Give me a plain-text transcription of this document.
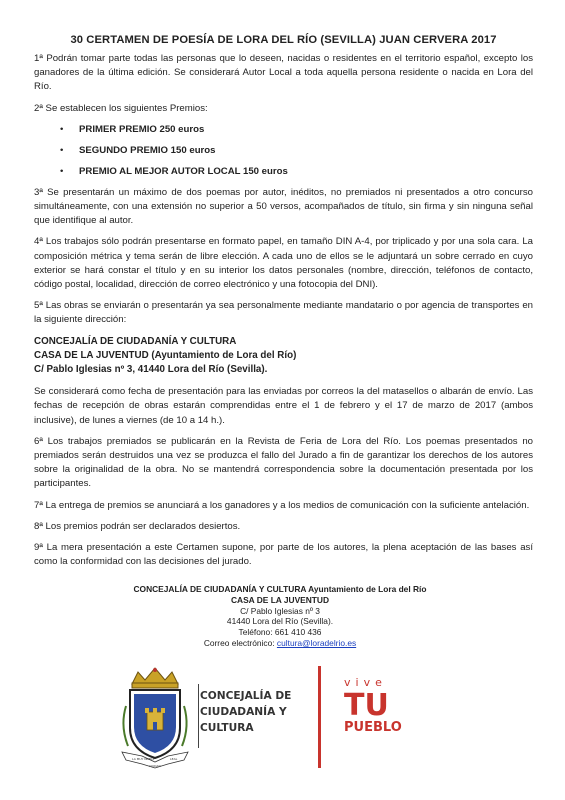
30 CERTAMEN DE POESÍA DE LORA DEL RÍO (SEVILLA) JUAN CERVERA 2017

1ª Podrán tomar parte todas las personas que lo deseen, nacidas o residentes en el territorio español, excepto los ganadores de la última edición. Se considerará Autor Local a toda aquella persona residente o nacida en Lora del Río.

2ª Se establecen los siguientes Premios:

• PRIMER PREMIO 250 euros
• SEGUNDO PREMIO 150 euros
• PREMIO AL MEJOR AUTOR LOCAL 150 euros

3ª Se presentarán un máximo de dos poemas por autor, inéditos, no premiados ni presentados a otro concurso simultáneamente, con una extensión no superior a 50 versos, acompañados de título, sin firma y sin ninguna señal que identifique al autor.

4ª Los trabajos sólo podrán presentarse en formato papel, en tamaño DIN A-4, por triplicado y por una sola cara. La composición métrica y tema serán de libre elección. A cada uno de ellos se le adjuntará un sobre cerrado en cuyo exterior se hará constar el título y en su interior los datos personales (nombre, dirección, teléfonos de contacto, código postal, localidad, dirección de correo electrónico y una fotocopia del DNI).

5ª Las obras se enviarán o presentarán ya sea personalmente mediante mandatario o por agencia de transportes en la siguiente dirección:

CONCEJALÍA DE CIUDADANÍA Y CULTURA
CASA DE LA JUVENTUD (Ayuntamiento de Lora del Río)
C/ Pablo Iglesias nº 3, 41440 Lora del Río (Sevilla).

Se considerará como fecha de presentación para las enviadas por correos la del matasellos o albarán de envío. Las fechas de recepción de obras estarán comprendidas entre el 1 de febrero y el 17 de marzo de 2017 (ambos inclusive), de lunes a viernes (de 10 a 14 h.).

6ª Los trabajos premiados se publicarán en la Revista de Feria de Lora del Río. Los poemas presentados no premiados serán destruidos una vez se produzca el fallo del Jurado a fin de garantizar los derechos de los autores sobre la originalidad de la obra. No se mantendrá correspondencia sobre la documentación presentada por los participantes.

7ª La entrega de premios se anunciará a los ganadores y a los medios de comunicación con la suficiente antelación.

8ª Los premios podrán ser declarados desiertos.

9ª La mera presentación a este Certamen supone, por parte de los autores, la plena aceptación de las bases así como la conformidad con las decisiones del jurado.

CONCEJALÍA DE CIUDADANÍA Y CULTURA Ayuntamiento de Lora del Río
CASA DE LA JUVENTUD
C/ Pablo Iglesias nº 3
41440 Lora del Río (Sevilla).
Teléfono: 661 410 436
Correo electrónico: cultura@loradelrio.es
LA MUY NOBLE	LEAL
CIUDAD
CONCEJALÍA DE
CIUDADANÍA Y CULTURA
vive
TU
PUEBLO
